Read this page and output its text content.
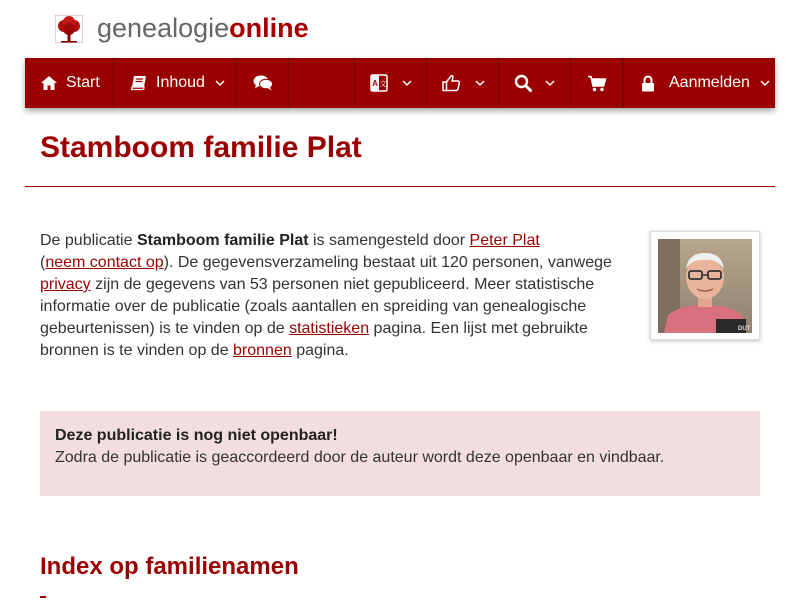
genealogieonline
Start	Inhoud	A 文	Aanmelden
Stamboom familie Plat

De publicatie Stamboom familie Plat is samengesteld door Peter Plat
(neem contact op). De gegevensverzameling bestaat uit 120 personen, vanwege privacy zijn de gegevens van 53 personen niet gepubliceerd. Meer statistische informatie over de publicatie (zoals aantallen en spreiding van genealogische gebeurtenissen) is te vinden op de statistieken pagina. Een lijst met gebruikte bronnen is te vinden op de bronnen pagina.

DUT
Deze publicatie is nog niet openbaar!
Zodra de publicatie is geaccordeerd door de auteur wordt deze openbaar en vindbaar.
Index op familienamen
